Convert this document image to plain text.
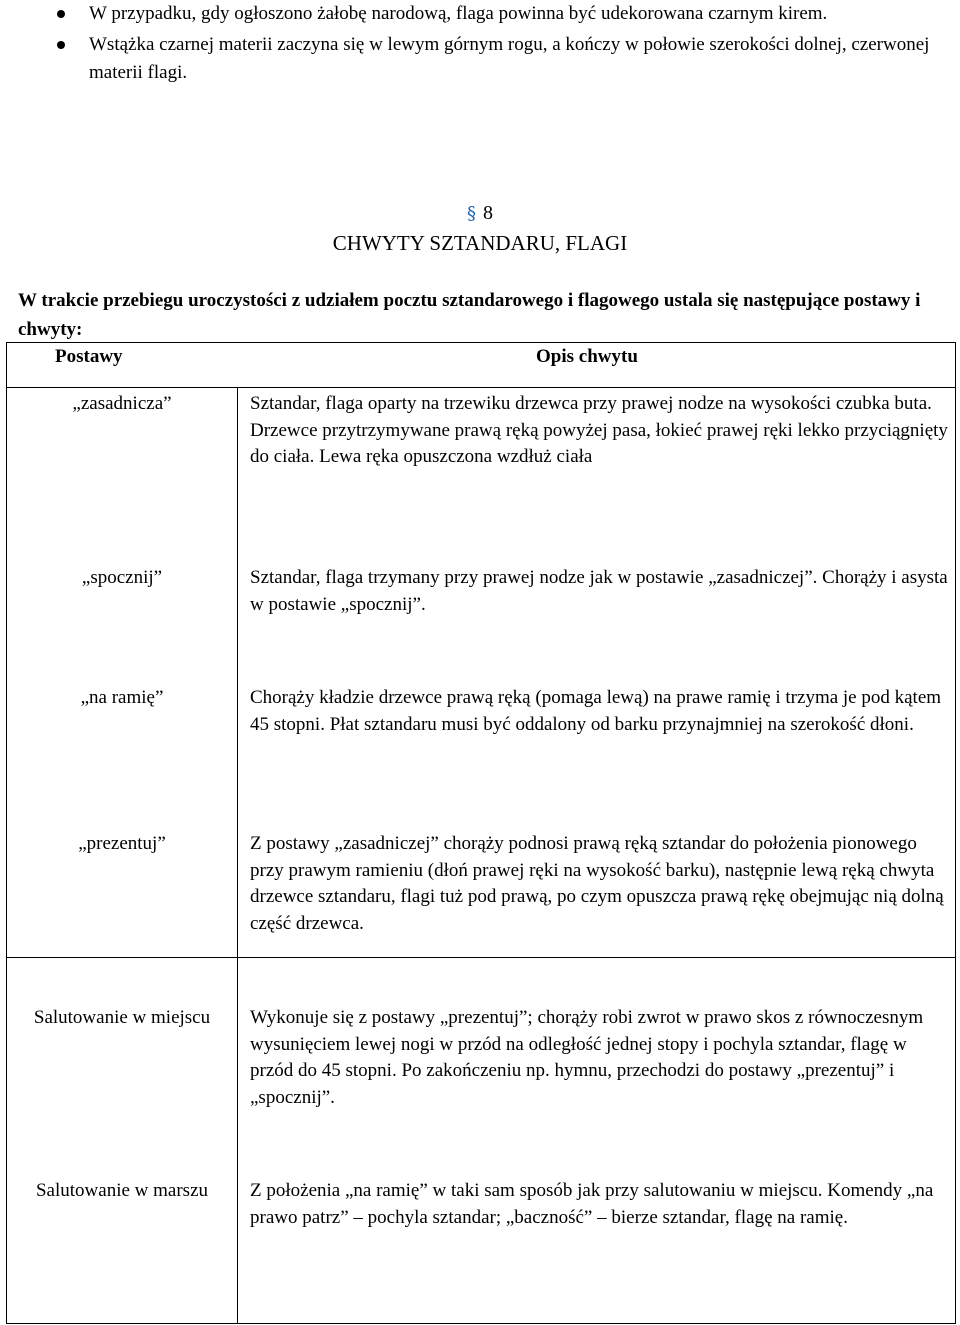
W przypadku, gdy ogłoszono żałobę narodową, flaga powinna być udekorowana czarnym kirem.
Wstążka czarnej materii zaczyna się w lewym górnym rogu, a kończy w połowie szerokości dolnej, czerwonej materii flagi.
§ 8
CHWYTY SZTANDARU, FLAGI
W trakcie przebiegu uroczystości z udziałem pocztu sztandarowego i flagowego ustala się następujące postawy i chwyty:
Postawy	Opis chwytu
„zasadnicza”	Sztandar, flaga oparty na trzewiku drzewca przy prawej nodze na wysokości czubka buta. Drzewce przytrzymywane prawą ręką powyżej pasa, łokieć prawej ręki lekko przyciągnięty do ciała. Lewa ręka opuszczona wzdłuż ciała
„spocznij”	Sztandar, flaga trzymany przy prawej nodze jak w postawie „zasadniczej”. Chorąży i asysta w postawie „spocznij”.
„na ramię”	Chorąży kładzie drzewce prawą ręką (pomaga lewą) na prawe ramię i trzyma je pod kątem 45 stopni. Płat sztandaru musi być oddalony od barku przynajmniej na szerokość dłoni.
„prezentuj”	Z postawy „zasadniczej” chorąży podnosi prawą ręką sztandar do położenia pionowego przy prawym ramieniu (dłoń prawej ręki na wysokość barku), następnie lewą ręką chwyta drzewce sztandaru, flagi tuż pod prawą, po czym opuszcza prawą rękę obejmując nią dolną część drzewca.
Salutowanie w miejscu	Wykonuje się z postawy „prezentuj”; chorąży robi zwrot w prawo skos z równoczesnym wysunięciem lewej nogi w przód na odległość jednej stopy i pochyla sztandar, flagę w przód do 45 stopni. Po zakończeniu np. hymnu, przechodzi do postawy „prezentuj” i „spocznij”.
Salutowanie w marszu	Z położenia „na ramię” w taki sam sposób jak przy salutowaniu w miejscu. Komendy „na prawo patrz” – pochyla sztandar; „baczność” – bierze sztandar, flagę na ramię.
